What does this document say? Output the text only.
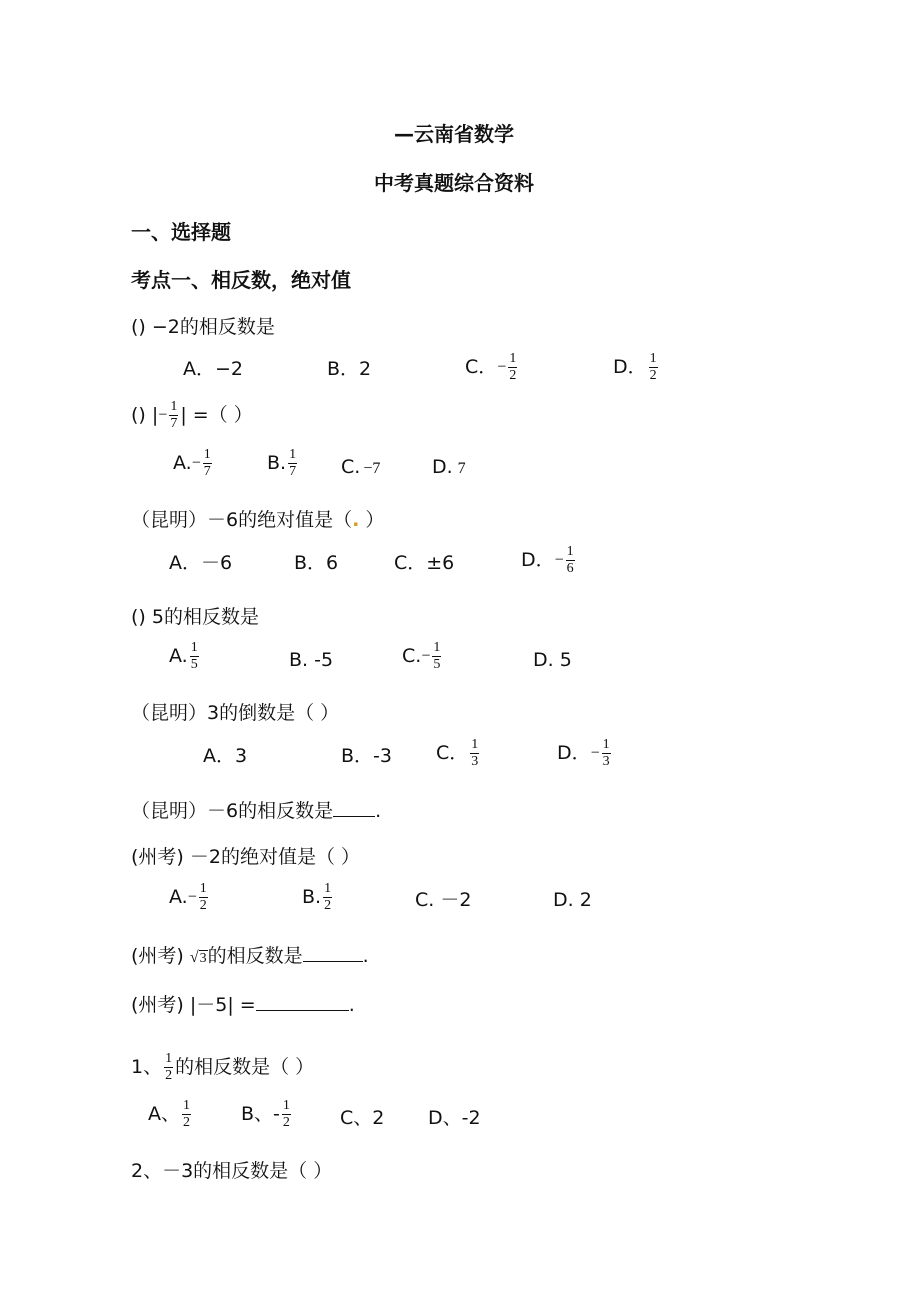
—云南省数学
中考真题综合资料
一、选择题
考点一、相反数，绝对值
() −2的相反数是
A．−2	B．2	C．− $\frac{1}{2}$	D． $\frac{1}{2}$
() |− $\frac{1}{7}$ | =（ ）
$A.- \frac{1}{7}$	B. $\frac{1}{7} C$. −7	D. 7
（昆明）－6的绝对值是（. ）
A．－6	B．6	C．±6	D．− $\frac{1}{6}$
() 5的相反数是
A. $\frac{1}{5}$	B. -5	$C.- \frac{1}{5}$	D. 5
（昆明）3的倒数是（ ）
A．3	B．-3 C． $\frac{1}{3}$	D．− $\frac{1}{3}$
（昆明）－6的相反数是 .
(州考) －2的绝对值是（ ）
$A.- \frac{1}{2}$	B. $\frac{1}{2}$	C. －2	D. 2
(州考) √3的相反数是	.
(州考) |－5| =	.
1、 $\frac{1}{2}$ 的相反数是（ ）
A、 $\frac{1}{2}$	B、- $\frac{1}{2}$	C、2 D、-2
2、－3的相反数是（ ）
